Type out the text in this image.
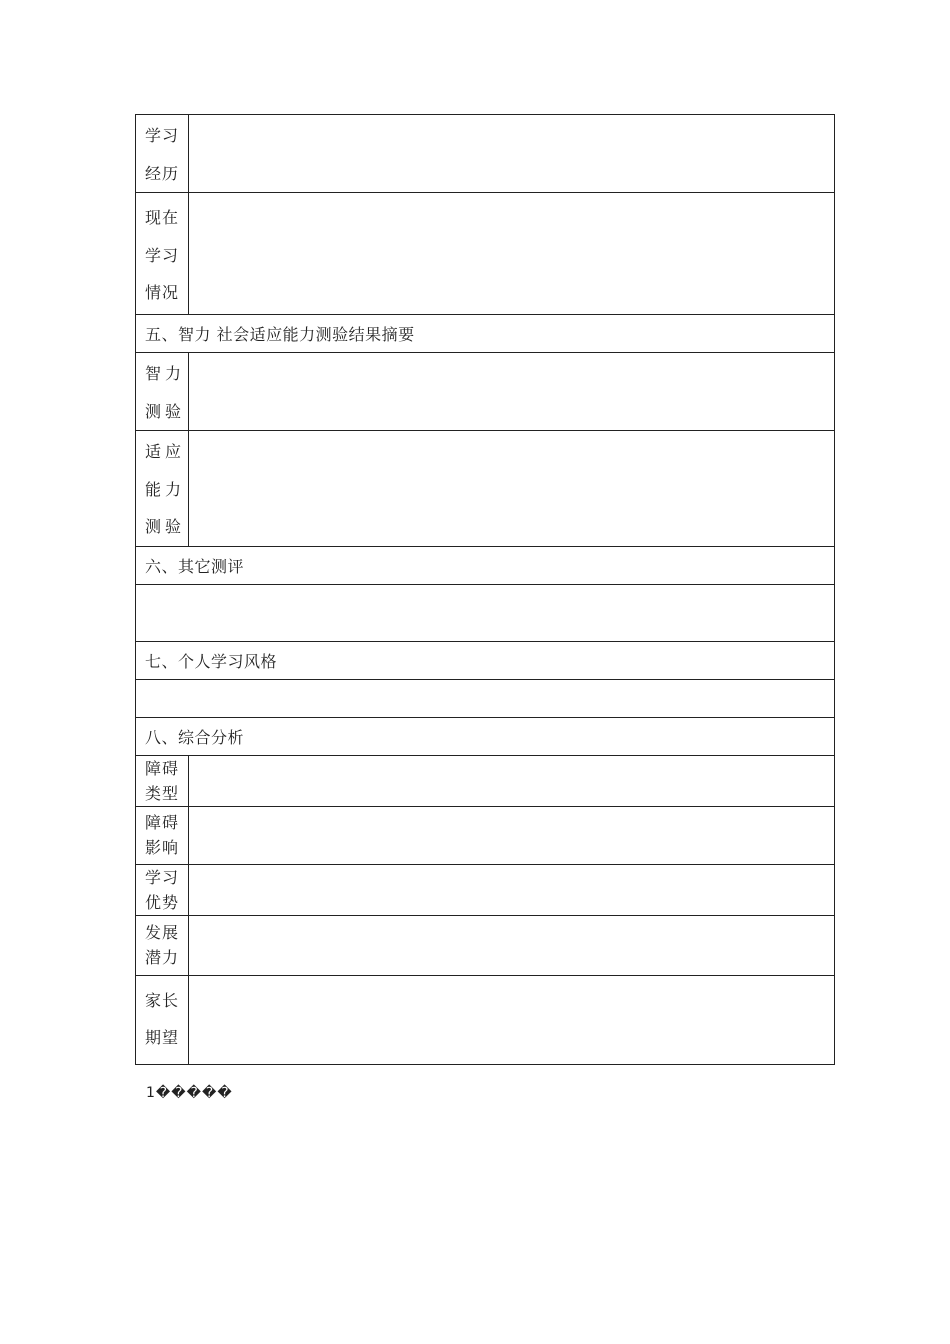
学习
经历	

现在
学习
情况	

五、智力 社会适应能力测验结果摘要	

智力
测验	

适应
能力
测验	

六、其它测评	

七、个人学习风格	

八、综合分析	

障碍
类型	

障碍
影响	

学习
优势	

发展
潜力	

家长
期望	

1�����
